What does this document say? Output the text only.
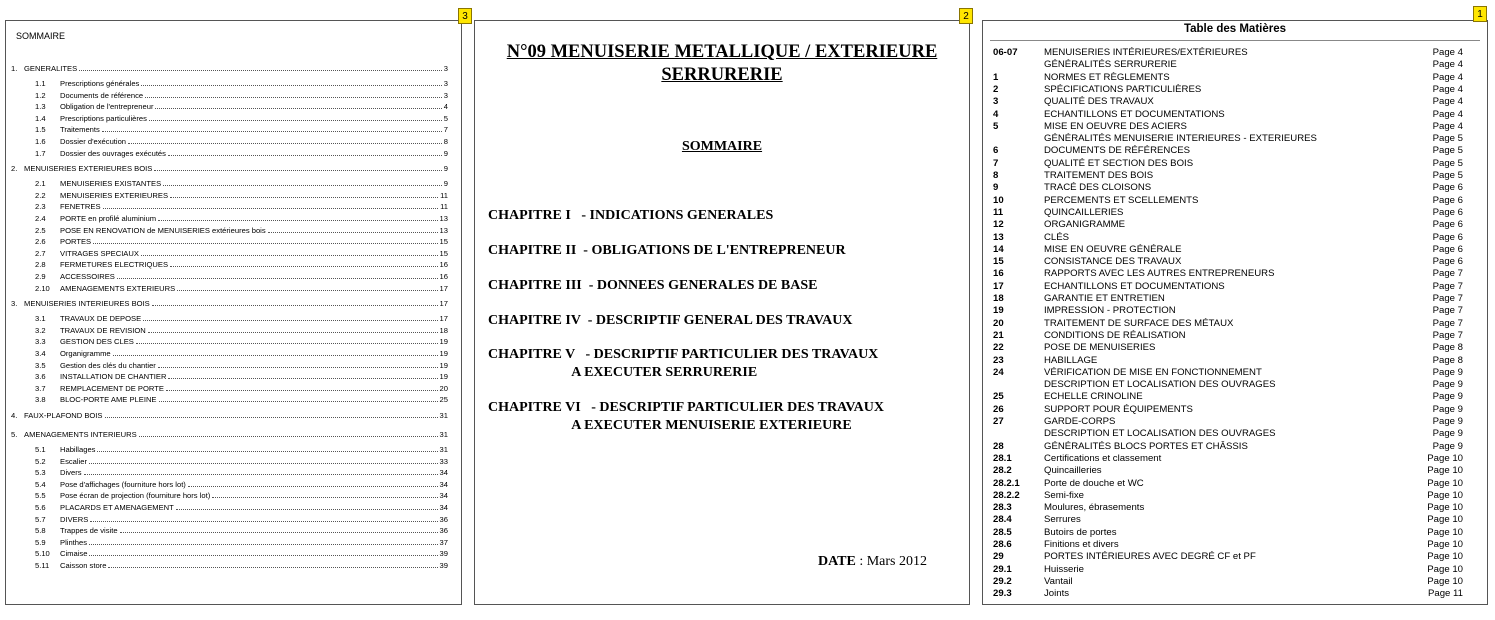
SOMMAIRE
1. GENERALITES	3
1.1	Prescriptions générales	3
1.2	Documents de référence	3
1.3	Obligation de l'entrepreneur	4
1.4	Prescriptions particulières	5
1.5	Traitements	7
1.6	Dossier d'exécution	8
1.7	Dossier des ouvrages exécutés	9
2. MENUISERIES EXTERIEURES BOIS	9
2.1	MENUISERIES EXISTANTES	9
2.2	MENUISERIES EXTERIEURES	11
2.3	FENETRES	11
2.4	PORTE en profilé aluminium	13
2.5	POSE EN RENOVATION de MENUISERIES extérieures bois	13
2.6	PORTES	15
2.7	VITRAGES SPECIAUX	15
2.8	FERMETURES ELECTRIQUES	16
2.9	ACCESSOIRES	16
2.10	AMENAGEMENTS EXTERIEURS	17
3. MENUISERIES INTERIEURES BOIS	17
3.1	TRAVAUX DE DEPOSE	17
3.2	TRAVAUX DE REVISION	18
3.3	GESTION DES CLES	19
3.4	Organigramme	19
3.5	Gestion des clés du chantier	19
3.6	INSTALLATION DE CHANTIER	19
3.7	REMPLACEMENT DE PORTE	20
3.8	BLOC-PORTE AME PLEINE	25
4. FAUX-PLAFOND BOIS	31
5. AMENAGEMENTS INTERIEURS	31
5.1	Habillages	31
5.2	Escalier	33
5.3	Divers	34
5.4	Pose d'affichages (fourniture hors lot)	34
5.5	Pose écran de projection (fourniture hors lot)	34
5.6	PLACARDS ET AMENAGEMENT	34
5.7	DIVERS	36
5.8	Trappes de visite	36
5.9	Plinthes	37
5.10	Cimaise	39
5.11	Caisson store	39
3
N°09 MENUISERIE METALLIQUE / EXTERIEURE
SERRURERIE
SOMMAIRE
CHAPITRE I   - INDICATIONS GENERALES
CHAPITRE II  - OBLIGATIONS DE L'ENTREPRENEUR
CHAPITRE III  - DONNEES GENERALES DE BASE
CHAPITRE IV  - DESCRIPTIF GENERAL DES TRAVAUX
CHAPITRE V   - DESCRIPTIF PARTICULIER DES TRAVAUX
A EXECUTER SERRURERIE
CHAPITRE VI   - DESCRIPTIF PARTICULIER DES TRAVAUX
A EXECUTER MENUISERIE EXTERIEURE
DATE : Mars 2012
2
Table des Matières
06-07	MENUISERIES INTÉRIEURES/EXTÉRIEURES	Page 4
GÉNÉRALITÉS SERRURERIE	Page 4
1	NORMES ET RÈGLEMENTS	Page 4
2	SPÉCIFICATIONS PARTICULIÈRES	Page 4
3	QUALITÉ DES TRAVAUX	Page 4
4	ECHANTILLONS ET DOCUMENTATIONS	Page 4
5	MISE EN OEUVRE DES ACIERS	Page 4
GÉNÉRALITÉS MENUISERIE INTERIEURES - EXTERIEURES	Page 5
6	DOCUMENTS DE RÉFÉRENCES	Page 5
7	QUALITÉ ET SECTION DES BOIS	Page 5
8	TRAITEMENT DES BOIS	Page 5
9	TRACÉ DES CLOISONS	Page 6
10	PERCEMENTS ET SCELLEMENTS	Page 6
11	QUINCAILLERIES	Page 6
12	ORGANIGRAMME	Page 6
13	CLÉS	Page 6
14	MISE EN OEUVRE GÉNÉRALE	Page 6
15	CONSISTANCE DES TRAVAUX	Page 6
16	RAPPORTS AVEC LES AUTRES ENTREPRENEURS	Page 7
17	ECHANTILLONS ET DOCUMENTATIONS	Page 7
18	GARANTIE ET ENTRETIEN	Page 7
19	IMPRESSION - PROTECTION	Page 7
20	TRAITEMENT DE SURFACE DES MÉTAUX	Page 7
21	CONDITIONS DE RÉALISATION	Page 7
22	POSE DE MENUISERIES	Page 8
23	HABILLAGE	Page 8
24	VÉRIFICATION DE MISE EN FONCTIONNEMENT	Page 9
DESCRIPTION ET LOCALISATION DES OUVRAGES	Page 9
25	ECHELLE CRINOLINE	Page 9
26	SUPPORT POUR ÉQUIPEMENTS	Page 9
27	GARDE-CORPS	Page 9
DESCRIPTION ET LOCALISATION DES OUVRAGES	Page 9
28	GÉNÉRALITÉS BLOCS PORTES ET CHÂSSIS	Page 9
28.1	Certifications et classement	Page 10
28.2	Quincailleries	Page 10
28.2.1	Porte de douche et WC	Page 10
28.2.2	Semi-fixe	Page 10
28.3	Moulures, ébrasements	Page 10
28.4	Serrures	Page 10
28.5	Butoirs de portes	Page 10
28.6	Finitions et divers	Page 10
29	PORTES INTÉRIEURES AVEC DEGRÉ CF et PF	Page 10
29.1	Huisserie	Page 10
29.2	Vantail	Page 10
29.3	Joints	Page 11
1
